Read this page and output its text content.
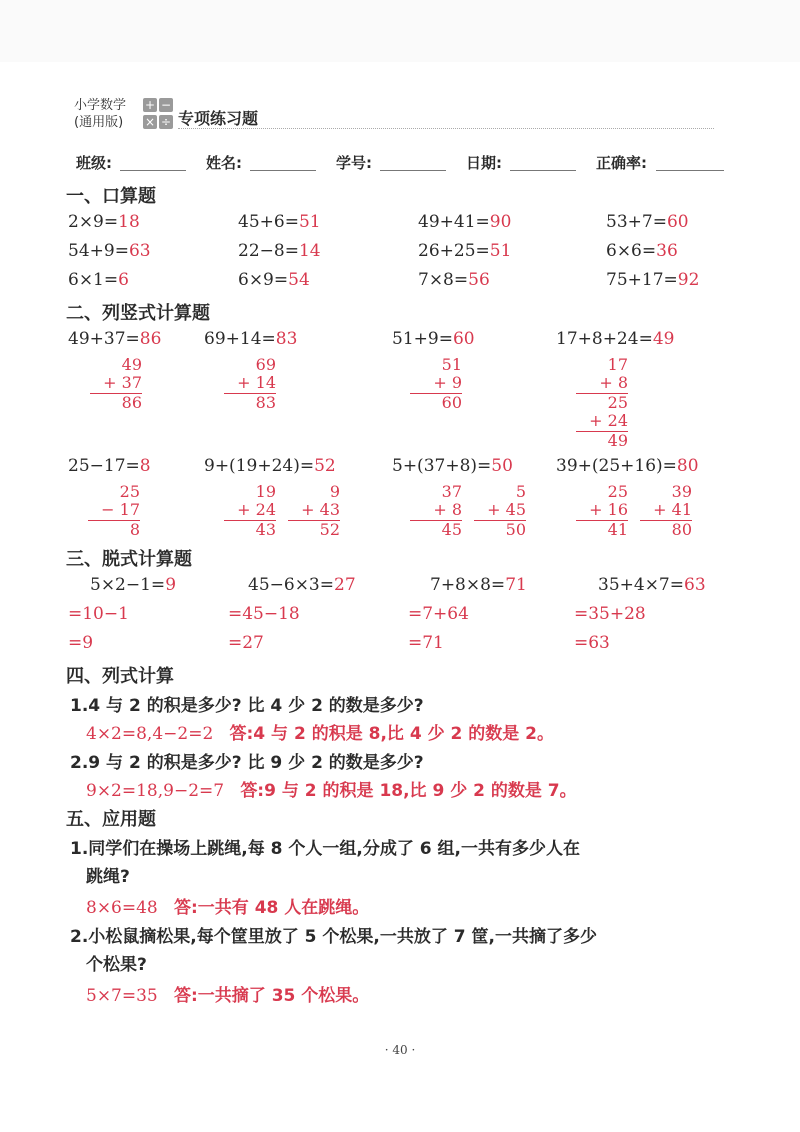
小学数学
(通用版)
+ −
× ÷ 专项练习题
班级:	姓名:	学号:	日期:	正确率:
一、口算题
2×9=18	45+6=51	49+41=90	53+7=60
54+9=63	22−8=14	26+25=51	6×6=36
6×1=6	6×9=54	7×8=56	75+17=92
二、列竖式计算题
49+37=86	69+14=83	51+9=60	17+8+24=49
49
+ 37
86
69
+ 14
83
51
+ 9
60
17
+ 8
25
+ 24
49
25−17=8	9+(19+24)=52	5+(37+8)=50	39+(25+16)=80
25
− 17
8
19
+ 24
43
9
+ 43
52
37
+ 8
45
5
+ 45
50
25
+ 16
41
39
+ 41
80
三、脱式计算题
5×2−1=9	45−6×3=27	7+8×8=71	35+4×7=63
=10−1	=45−18	=7+64	=35+28
=9	=27	=71	=63
四、列式计算
1.4 与 2 的积是多少? 比 4 少 2 的数是多少?
4×2=8,4−2=2 答:4 与 2 的积是 8,比 4 少 2 的数是 2。
2.9 与 2 的积是多少? 比 9 少 2 的数是多少?
9×2=18,9−2=7 答:9 与 2 的积是 18,比 9 少 2 的数是 7。
五、应用题
1.同学们在操场上跳绳,每 8 个人一组,分成了 6 组,一共有多少人在
跳绳?
8×6=48 答:一共有 48 人在跳绳。
2.小松鼠摘松果,每个筐里放了 5 个松果,一共放了 7 筐,一共摘了多少
个松果?
5×7=35 答:一共摘了 35 个松果。
· 40 ·
